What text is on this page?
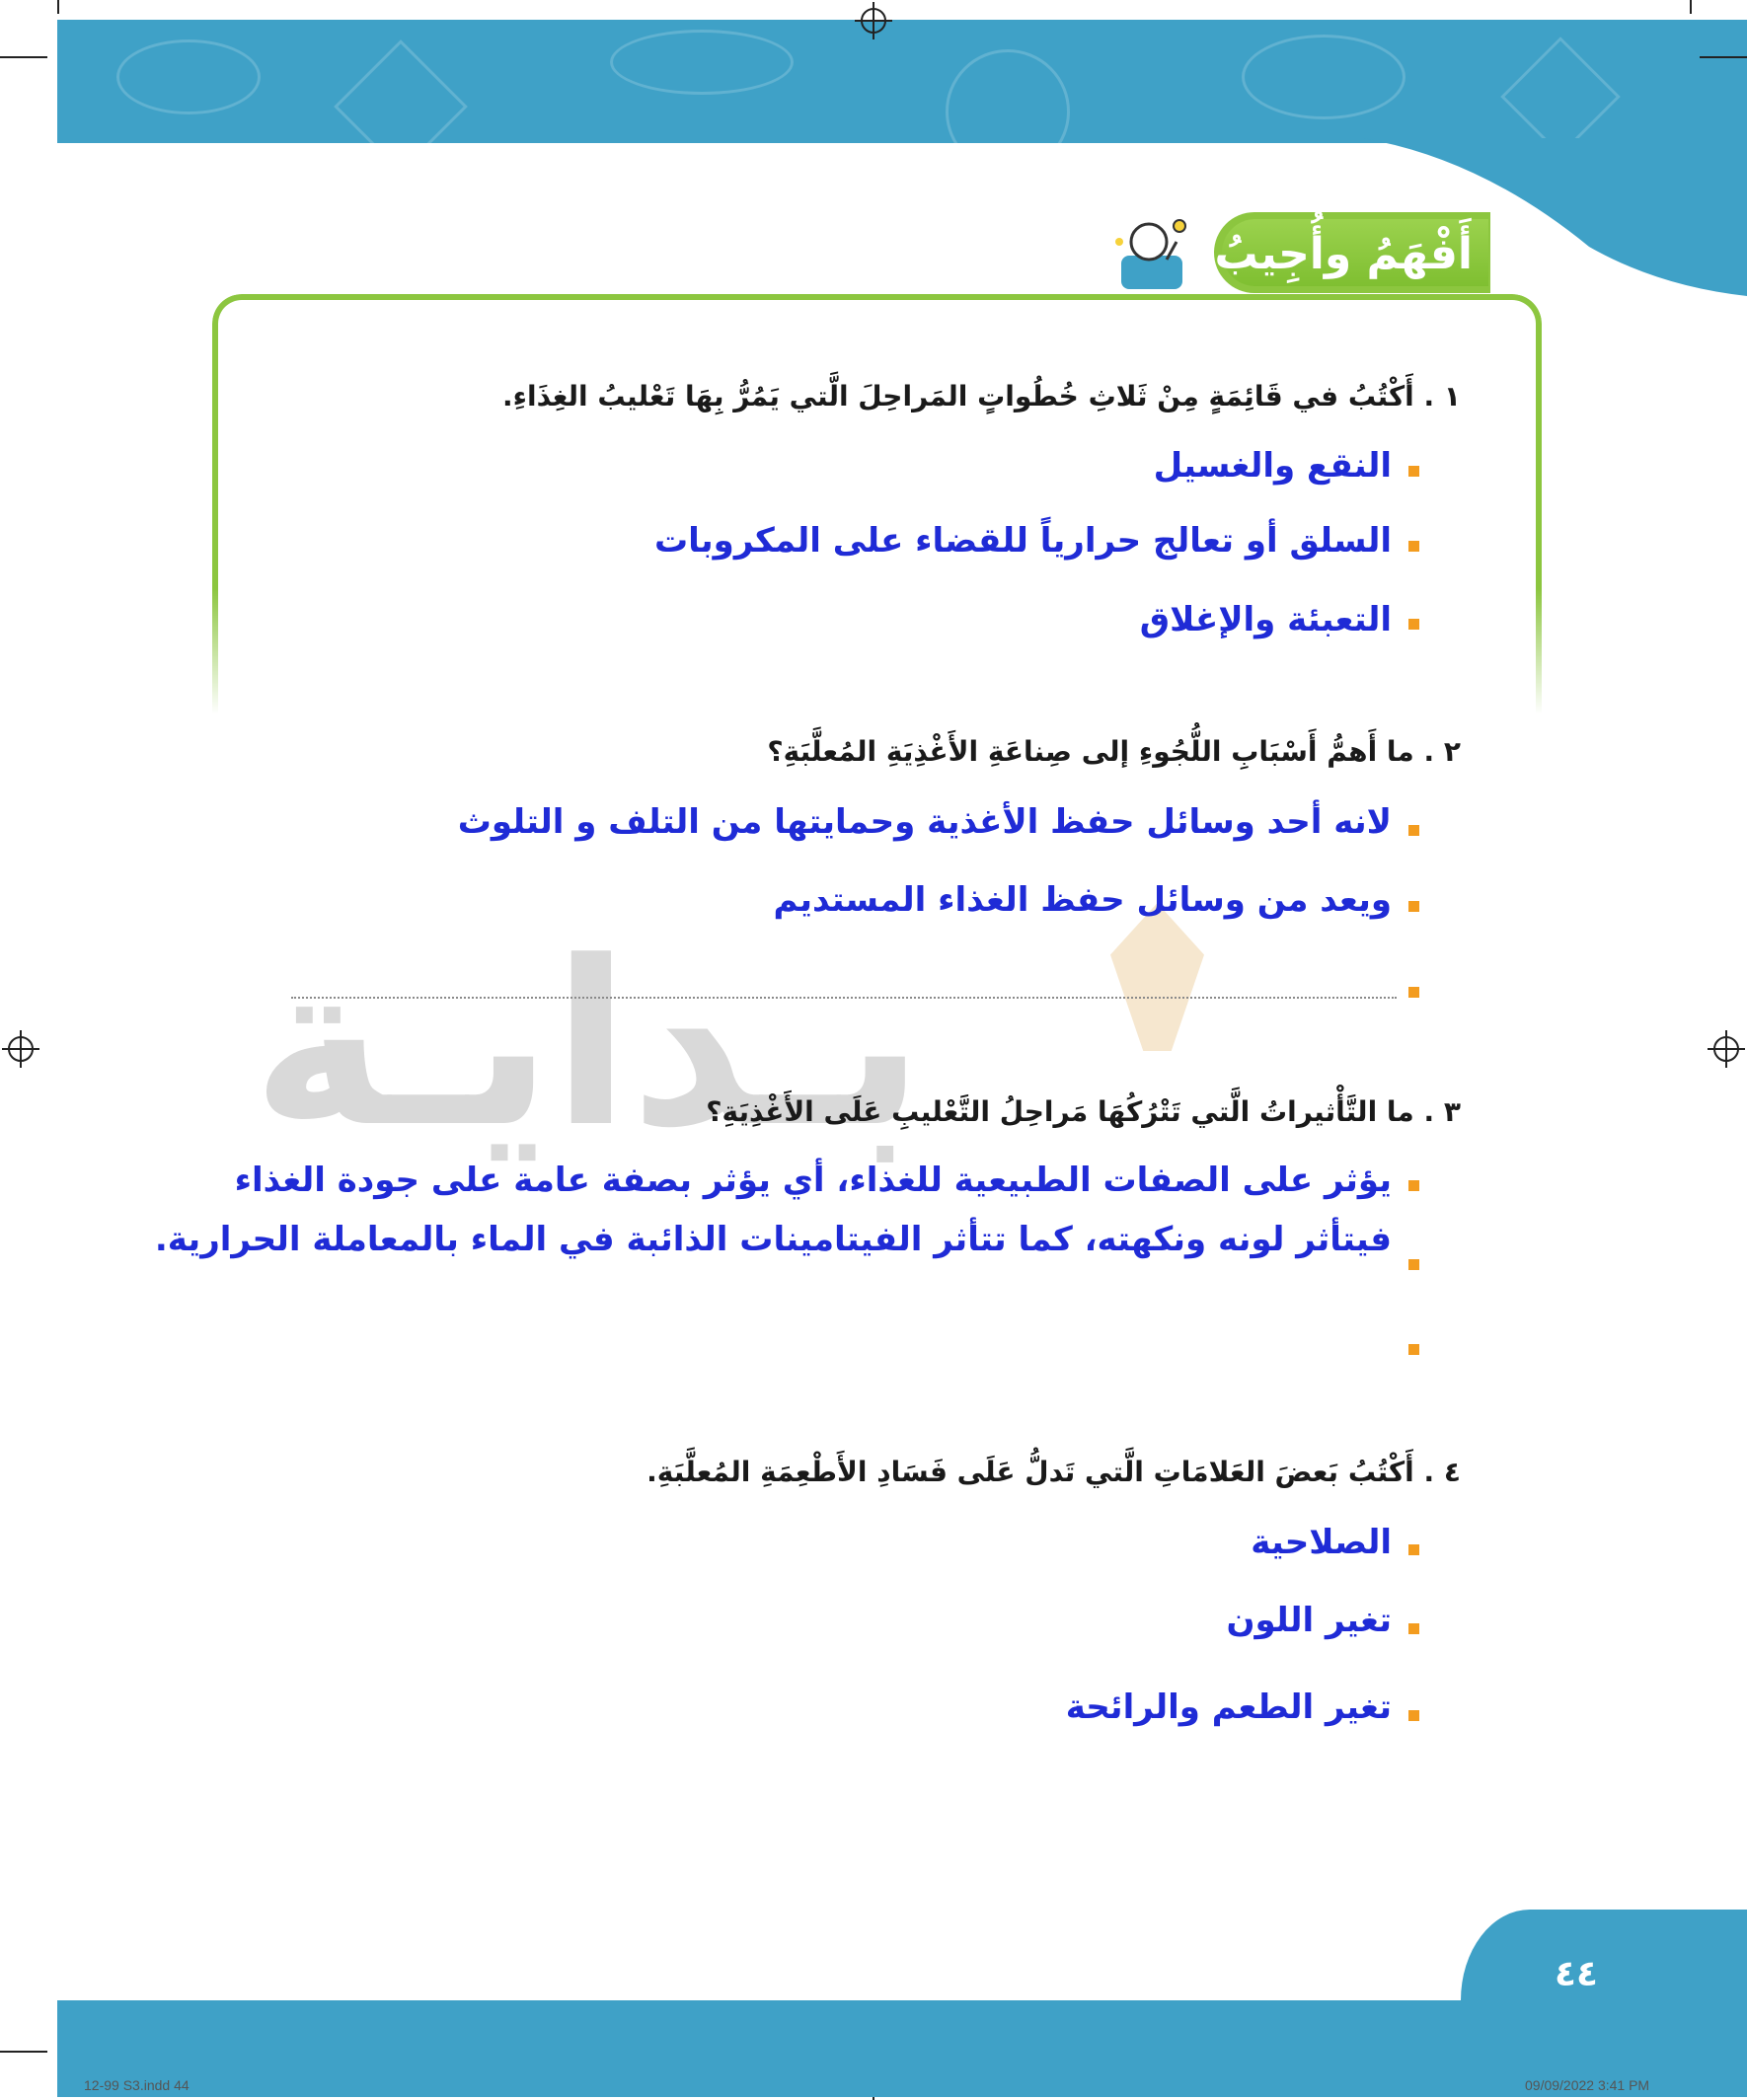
أَفْهَمُ وأُجِيبُ
بـدايـة
١ . أَكْتُبُ في قَائِمَةٍ مِنْ ثَلاثِ خُطُواتٍ المَراحِلَ الَّتي يَمُرُّ بِهَا تَعْليبُ الغِذَاءِ.
النقع والغسيل
السلق أو تعالج حرارياً للقضاء على المكروبات
التعبئة والإغلاق
٢ . ما أَهمُّ أَسْبَابِ اللُّجُوءِ إلى صِناعَةِ الأَغْذِيَةِ المُعلَّبَةِ؟
لانه أحد وسائل حفظ الأغذية وحمايتها من التلف و التلوث
ويعد من وسائل حفظ الغذاء المستديم
٣ . ما التَّأْثيراتُ الَّتي تَتْرُكُهَا مَراحِلُ التَّعْليبِ عَلَى الأَغْذِيَةِ؟
يؤثر على الصفات الطبيعية للغذاء، أي يؤثر بصفة عامة على جودة الغذاء
فيتأثر لونه ونكهته، كما تتأثر الفيتامينات الذائبة في الماء بالمعاملة الحرارية.
٤ . أَكْتُبُ بَعضَ العَلامَاتِ الَّتي تَدلُّ عَلَى فَسَادِ الأَطْعِمَةِ المُعلَّبَةِ.
الصلاحية
تغير اللون
تغير الطعم والرائحة
٤٤
12-99 S3.indd 44	09/09/2022 3:41 PM
